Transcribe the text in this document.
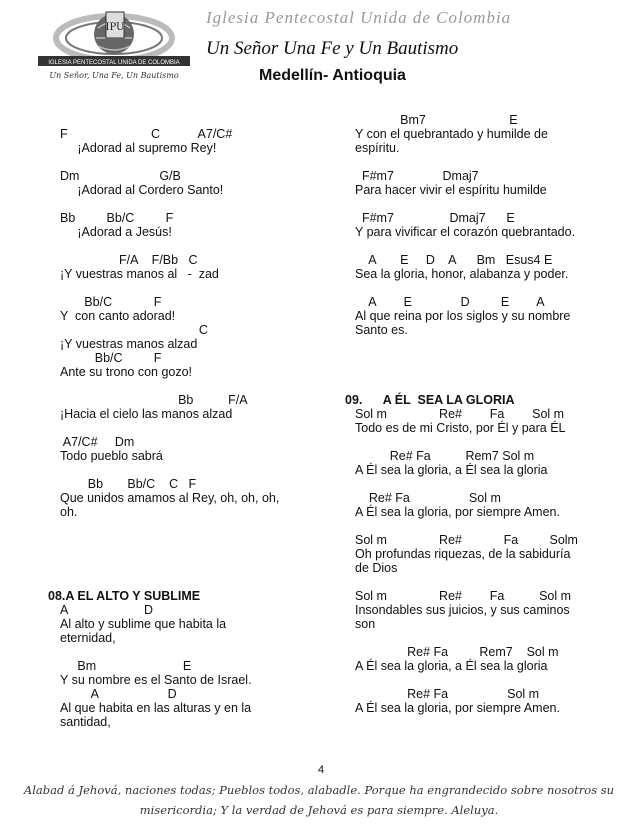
IPU
IGLESIA PENTECOSTAL UNIDA DE COLOMBIA
Un Señor, Una Fe, Un Bautismo
Iglesia Pentecostal Unida de Colombia
Un Señor Una Fe y Un Bautismo
Medellín- Antioquia
4
Alabad á Jehová, naciones todas; Pueblos todos, alabadle. Porque ha engrandecido sobre nosotros su
misericordia; Y la verdad de Jehová es para siempre. Aleluya.
F                        C           A7/C#
¡Adorad al supremo Rey!
Dm                       G/B
¡Adorad al Cordero Santo!
Bb         Bb/C         F
¡Adorad a Jesús!
F/A    F/Bb   C
¡Y vuestras manos al   -  zad
Bb/C            F
Y  con canto adorad!
C
¡Y vuestras manos alzad
Bb/C         F
Ante su trono con gozo!
Bb          F/A
¡Hacia el cielo las manos alzad
A7/C#     Dm
Todo pueblo sabrá
Bb       Bb/C    C   F
Que unidos amamos al Rey, oh, oh, oh,
oh.
08.A EL ALTO Y SUBLIME
A                      D
Al alto y sublime que habita la
eternidad,
Bm                         E
Y su nombre es el Santo de Israel.
A                    D
Al que habita en las alturas y en la
santidad,
Bm7                        E
Y con el quebrantado y humilde de
espíritu.
F#m7              Dmaj7
Para hacer vivir el espíritu humilde
F#m7                Dmaj7      E
Y para vivificar el corazón quebrantado.
A       E     D    A      Bm   Esus4 E
Sea la gloria, honor, alabanza y poder.
A        E              D         E        A
Al que reina por los siglos y su nombre
Santo es.
09.      A ÉL  SEA LA GLORIA
Sol m               Re#        Fa        Sol m
Todo es de mi Cristo, por Él y para ÉL
Re# Fa          Rem7 Sol m
A Él sea la gloria, a Él sea la gloria
Re# Fa                 Sol m
A Él sea la gloria, por siempre Amen.
Sol m               Re#            Fa         Solm
Oh profundas riquezas, de la sabiduría
de Dios
Sol m               Re#        Fa          Sol m
Insondables sus juicios, y sus caminos
son
Re# Fa         Rem7    Sol m
A Él sea la gloria, a Él sea la gloria
Re# Fa                 Sol m
A Él sea la gloria, por siempre Amen.
